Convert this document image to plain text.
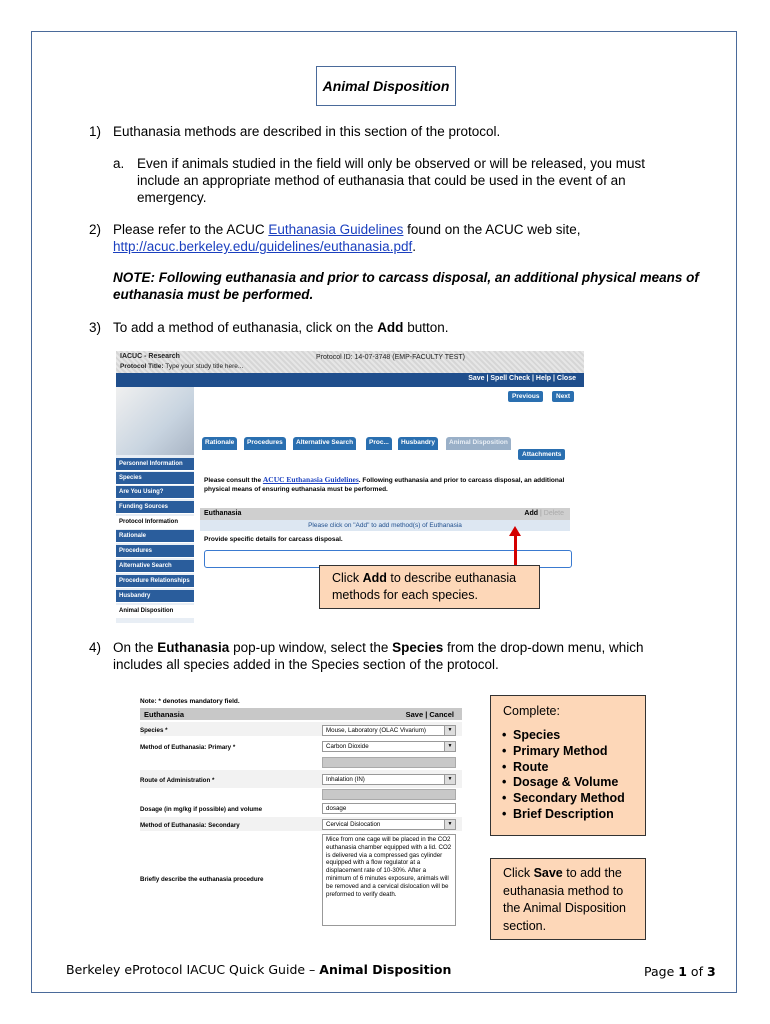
Animal Disposition
1) Euthanasia methods are described in this section of the protocol.
a. Even if animals studied in the field will only be observed or will be released, you must include an appropriate method of euthanasia that could be used in the event of an emergency.
2) Please refer to the ACUC Euthanasia Guidelines found on the ACUC web site, http://acuc.berkeley.edu/guidelines/euthanasia.pdf.
NOTE: Following euthanasia and prior to carcass disposal, an additional physical means of euthanasia must be performed.
3) To add a method of euthanasia, click on the Add button.
IACUC - Research
Protocol Title: Type your study title here...
Protocol ID: 14-07-3748 (EMP-FACULTY TEST)
Save | Spell Check | Help | Close
Personnel Information
Species
Are You Using?
Funding Sources
Protocol Information
Rationale
Procedures
Alternative Search
Procedure Relationships
Husbandry
Animal Disposition
Previous	Next
Rationale	Procedures	Alternative Search	Proc...	Husbandry	Animal Disposition
Attachments
Please consult the ACUC Euthanasia Guidelines. Following euthanasia and prior to carcass disposal, an additional physical means of ensuring euthanasia must be performed.
Euthanasia	Add | Delete
Please click on "Add" to add method(s) of Euthanasia
Provide specific details for carcass disposal.
Click Add to describe euthanasia methods for each species.
4) On the Euthanasia pop-up window, select the Species from the drop-down menu, which includes all species added in the Species section of the protocol.
Note: * denotes mandatory field.
Euthanasia	Save | Cancel
Species *	Mouse, Laboratory (OLAC Vivarium)	▼
Method of Euthanasia: Primary *	Carbon Dioxide	▼
Route of Administration *	Inhalation (IN)	▼
Dosage (in mg/kg if possible) and volume	dosage
Method of Euthanasia: Secondary	Cervical Dislocation	▼
Briefly describe the euthanasia procedure
Mice from one cage will be placed in the CO2 euthanasia chamber equipped with a lid. CO2 is delivered via a compressed gas cylinder equipped with a flow regulator at a displacement rate of 10-30%. After a minimum of 6 minutes exposure, animals will be removed and a cervical dislocation will be preformed to verify death.
Complete:
• Species
• Primary Method
• Route
• Dosage & Volume
• Secondary Method
• Brief Description
Click Save to add the euthanasia method to the Animal Disposition section.
Berkeley eProtocol IACUC Quick Guide – Animal Disposition	Page 1 of 3
